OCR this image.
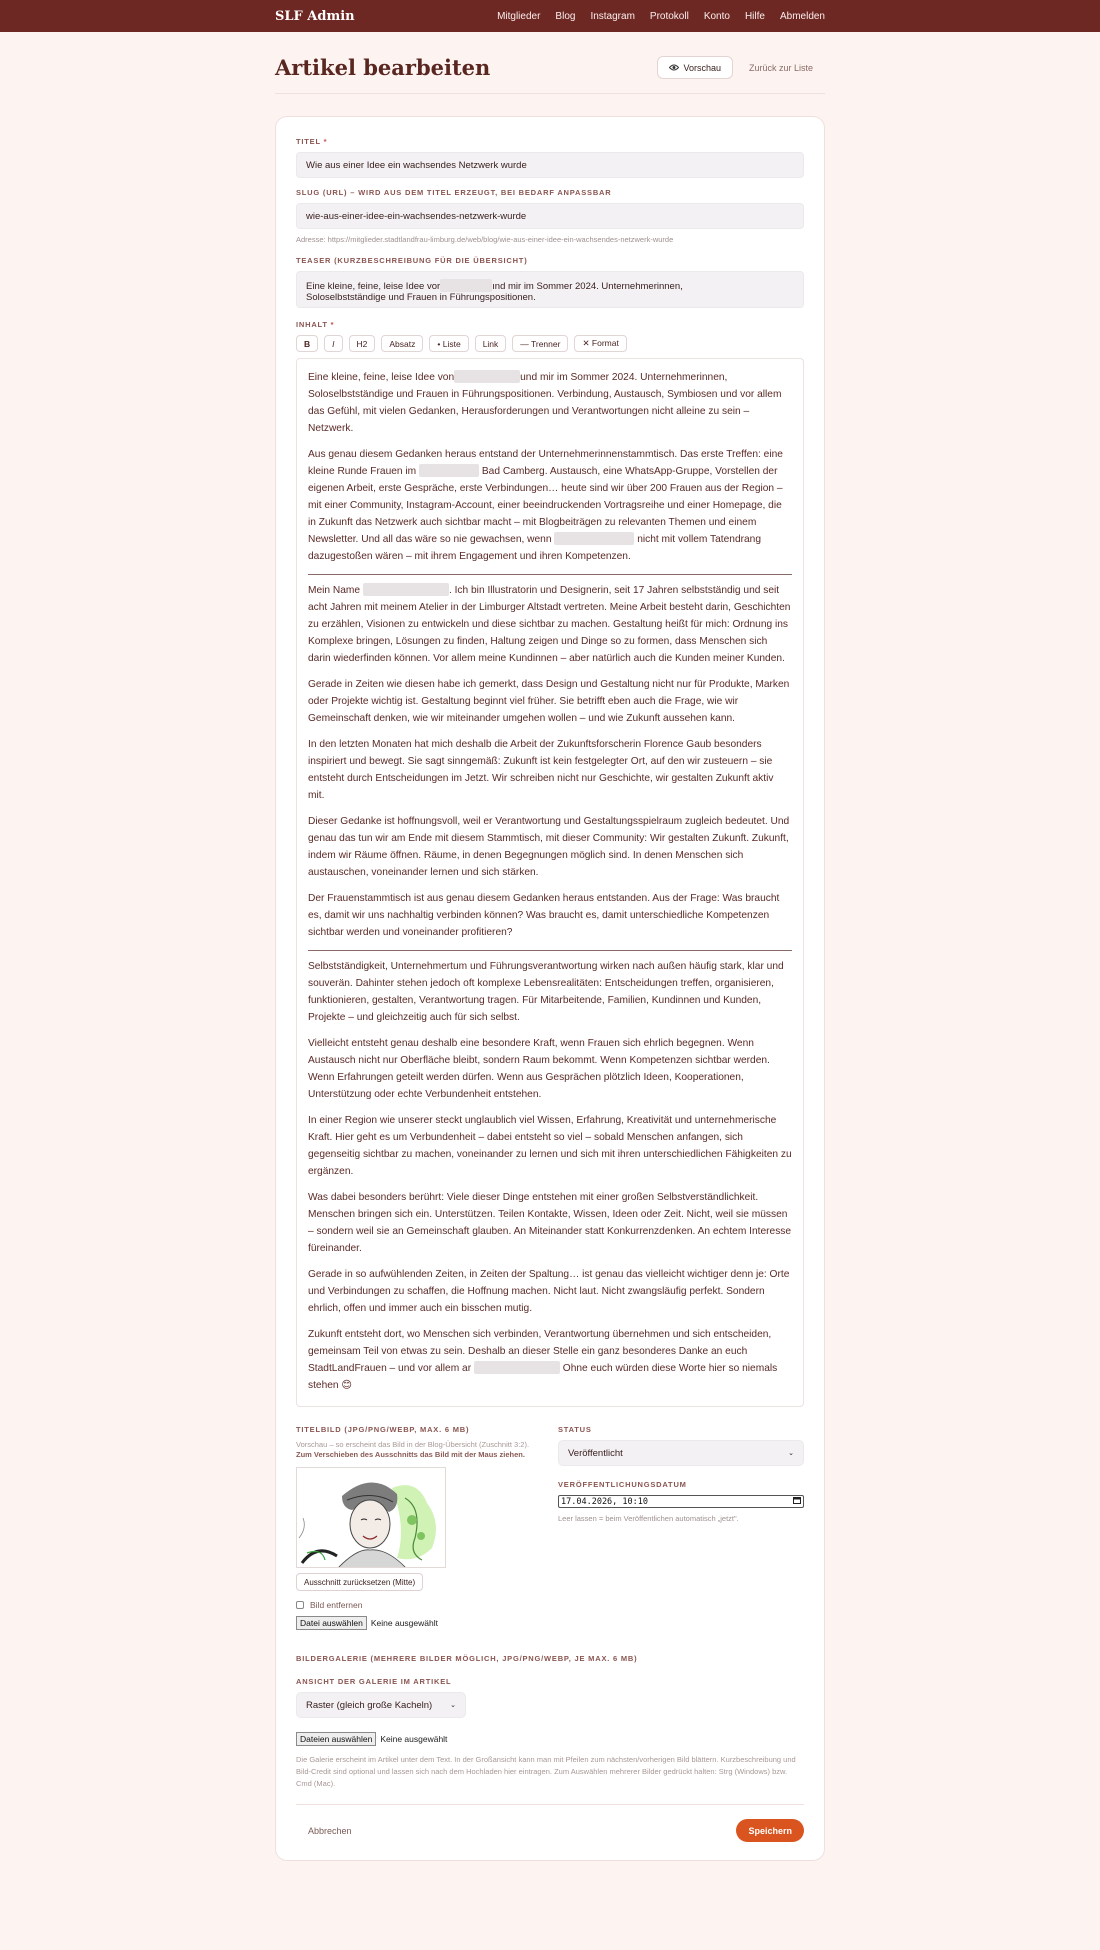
SLF Admin	Mitglieder Blog Instagram Protokoll Konto Hilfe Abmelden
Artikel bearbeiten	Vorschau	Zurück zur Liste
TITEL *
Wie aus einer Idee ein wachsendes Netzwerk wurde
SLUG (URL) – WIRD AUS DEM TITEL ERZEUGT, BEI BEDARF ANPASSBAR
wie-aus-einer-idee-ein-wachsendes-netzwerk-wurde
Adresse: https://mitglieder.stadtlandfrau-limburg.de/web/blog/wie-aus-einer-idee-ein-wachsendes-netzwerk-wurde
TEASER (KURZBESCHREIBUNG FÜR DIE ÜBERSICHT)
Eine kleine, feine, leise Idee vor	ınd mir im Sommer 2024. Unternehmerinnen,
Soloselbstständige und Frauen in Führungspositionen.
INHALT *
B	I	H2	Absatz	• Liste	Link	— Trenner	✕ Format

Eine kleine, feine, leise Idee von	und mir im Sommer 2024. Unternehmerinnen, Soloselbstständige und Frauen in Führungspositionen. Verbindung, Austausch, Symbiosen und vor allem das Gefühl, mit vielen Gedanken, Herausforderungen und Verantwortungen nicht alleine zu sein – Netzwerk.

Aus genau diesem Gedanken heraus entstand der Unternehmerinnenstammtisch. Das erste Treffen: eine kleine Runde Frauen im	Bad Camberg. Austausch, eine WhatsApp-Gruppe, Vorstellen der eigenen Arbeit, erste Gespräche, erste Verbindungen… heute sind wir über 200 Frauen aus der Region – mit einer Community, Instagram-Account, einer beeindruckenden Vortragsreihe und einer Homepage, die in Zukunft das Netzwerk auch sichtbar macht – mit Blogbeiträgen zu relevanten Themen und einem Newsletter. Und all das wäre so nie gewachsen, wenn	nicht mit vollem Tatendrang dazugestoßen wären – mit ihrem Engagement und ihren Kompetenzen.

Mein Name	. Ich bin Illustratorin und Designerin, seit 17 Jahren selbstständig und seit acht Jahren mit meinem Atelier in der Limburger Altstadt vertreten. Meine Arbeit besteht darin, Geschichten zu erzählen, Visionen zu entwickeln und diese sichtbar zu machen. Gestaltung heißt für mich: Ordnung ins Komplexe bringen, Lösungen zu finden, Haltung zeigen und Dinge so zu formen, dass Menschen sich darin wiederfinden können. Vor allem meine Kundinnen – aber natürlich auch die Kunden meiner Kunden.

Gerade in Zeiten wie diesen habe ich gemerkt, dass Design und Gestaltung nicht nur für Produkte, Marken oder Projekte wichtig ist. Gestaltung beginnt viel früher. Sie betrifft eben auch die Frage, wie wir Gemeinschaft denken, wie wir miteinander umgehen wollen – und wie Zukunft aussehen kann.

In den letzten Monaten hat mich deshalb die Arbeit der Zukunftsforscherin Florence Gaub besonders inspiriert und bewegt. Sie sagt sinngemäß: Zukunft ist kein festgelegter Ort, auf den wir zusteuern – sie entsteht durch Entscheidungen im Jetzt. Wir schreiben nicht nur Geschichte, wir gestalten Zukunft aktiv mit.

Dieser Gedanke ist hoffnungsvoll, weil er Verantwortung und Gestaltungsspielraum zugleich bedeutet. Und genau das tun wir am Ende mit diesem Stammtisch, mit dieser Community: Wir gestalten Zukunft. Zukunft, indem wir Räume öffnen. Räume, in denen Begegnungen möglich sind. In denen Menschen sich austauschen, voneinander lernen und sich stärken.

Der Frauenstammtisch ist aus genau diesem Gedanken heraus entstanden. Aus der Frage: Was braucht es, damit wir uns nachhaltig verbinden können? Was braucht es, damit unterschiedliche Kompetenzen sichtbar werden und voneinander profitieren?

Selbstständigkeit, Unternehmertum und Führungsverantwortung wirken nach außen häufig stark, klar und souverän. Dahinter stehen jedoch oft komplexe Lebensrealitäten: Entscheidungen treffen, organisieren, funktionieren, gestalten, Verantwortung tragen. Für Mitarbeitende, Familien, Kundinnen und Kunden, Projekte – und gleichzeitig auch für sich selbst.

Vielleicht entsteht genau deshalb eine besondere Kraft, wenn Frauen sich ehrlich begegnen. Wenn Austausch nicht nur Oberfläche bleibt, sondern Raum bekommt. Wenn Kompetenzen sichtbar werden. Wenn Erfahrungen geteilt werden dürfen. Wenn aus Gesprächen plötzlich Ideen, Kooperationen, Unterstützung oder echte Verbundenheit entstehen.

In einer Region wie unserer steckt unglaublich viel Wissen, Erfahrung, Kreativität und unternehmerische Kraft. Hier geht es um Verbundenheit – dabei entsteht so viel – sobald Menschen anfangen, sich gegenseitig sichtbar zu machen, voneinander zu lernen und sich mit ihren unterschiedlichen Fähigkeiten zu ergänzen.

Was dabei besonders berührt: Viele dieser Dinge entstehen mit einer großen Selbstverständlichkeit. Menschen bringen sich ein. Unterstützen. Teilen Kontakte, Wissen, Ideen oder Zeit. Nicht, weil sie müssen – sondern weil sie an Gemeinschaft glauben. An Miteinander statt Konkurrenzdenken. An echtem Interesse füreinander.

Gerade in so aufwühlenden Zeiten, in Zeiten der Spaltung… ist genau das vielleicht wichtiger denn je: Orte und Verbindungen zu schaffen, die Hoffnung machen. Nicht laut. Nicht zwangsläufig perfekt. Sondern ehrlich, offen und immer auch ein bisschen mutig.

Zukunft entsteht dort, wo Menschen sich verbinden, Verantwortung übernehmen und sich entscheiden, gemeinsam Teil von etwas zu sein. Deshalb an dieser Stelle ein ganz besonderes Danke an euch StadtLandFrauen – und vor allem ar	Ohne euch würden diese Worte hier so niemals stehen 😊

TITELBILD (JPG/PNG/WEBP, MAX. 6 MB)
Vorschau – so erscheint das Bild in der Blog-Übersicht (Zuschnitt 3:2). Zum Verschieben des Ausschnitts das Bild mit der Maus ziehen.
Ausschnitt zurücksetzen (Mitte)
Bild entfernen
Datei auswählen Keine ausgewählt
STATUS
Veröffentlicht	⌄
VERÖFFENTLICHUNGSDATUM
17.04.2026, 10:10
Leer lassen = beim Veröffentlichen automatisch „jetzt".
BILDERGALERIE (MEHRERE BILDER MÖGLICH, JPG/PNG/WEBP, JE MAX. 6 MB)
ANSICHT DER GALERIE IM ARTIKEL
Raster (gleich große Kacheln)	⌄
Dateien auswählen Keine ausgewählt
Die Galerie erscheint im Artikel unter dem Text. In der Großansicht kann man mit Pfeilen zum nächsten/vorherigen Bild blättern. Kurzbeschreibung und Bild-Credit sind optional und lassen sich nach dem Hochladen hier eintragen. Zum Auswählen mehrerer Bilder gedrückt halten: Strg (Windows) bzw. Cmd (Mac).
Abbrechen	Speichern
